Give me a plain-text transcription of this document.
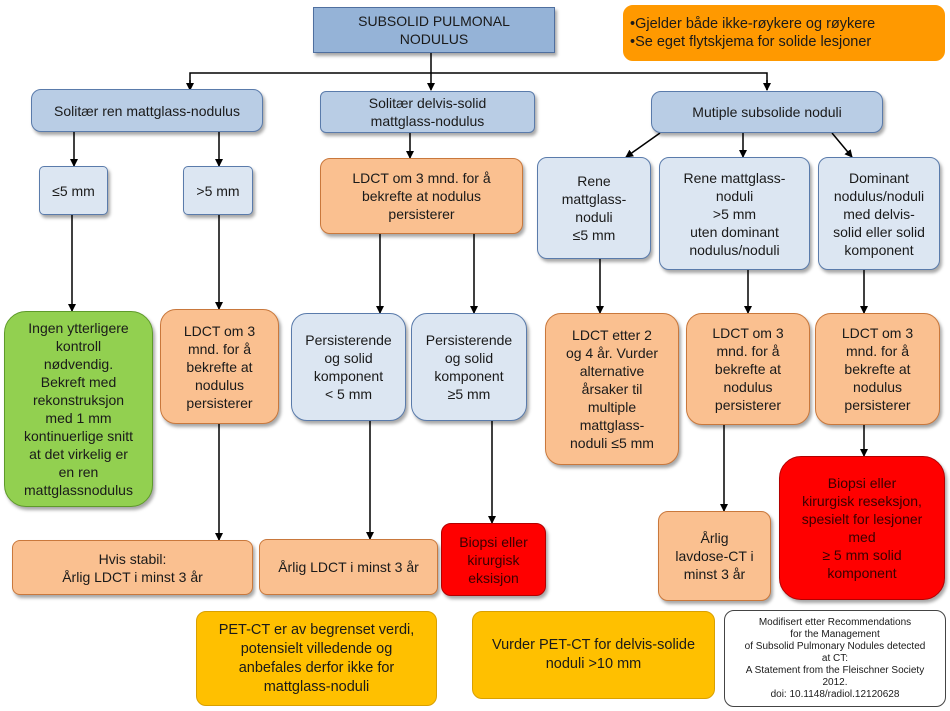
SUBSOLID PULMONAL
NODULUS
•Gjelder både ikke-røykere og røykere
•Se eget flytskjema for solide lesjoner
Solitær ren mattglass-nodulus	Solitær delvis-solid
mattglass-nodulus
Mutiple subsolide noduli
≤5 mm	>5 mm
Ingen ytterligere
kontroll
nødvendig.
Bekreft med
rekonstruksjon
med 1 mm
kontinuerlige snitt
at det virkelig er
en ren
mattglassnodulus
LDCT om 3
mnd. for å
bekrefte at
nodulus
persisterer
Hvis stabil:
Årlig LDCT i minst 3 år
LDCT om 3 mnd. for å
bekrefte at nodulus
persisterer
Persisterende
og solid
komponent
< 5 mm
Persisterende
og solid
komponent
≥5 mm
Årlig LDCT i minst 3 år
Biopsi eller
kirurgisk
eksisjon
Rene
mattglass-
noduli
≤5 mm
Rene mattglass-
noduli
>5 mm
uten dominant
nodulus/noduli
Dominant
nodulus/noduli
med delvis-
solid eller solid
komponent
LDCT etter 2
og 4 år. Vurder
alternative
årsaker til
multiple
mattglass-
noduli ≤5 mm
LDCT om 3
mnd. for å
bekrefte at
nodulus
persisterer
LDCT om 3
mnd. for å
bekrefte at
nodulus
persisterer
Årlig
lavdose-CT i
minst 3 år
Biopsi eller
kirurgisk reseksjon,
spesielt for lesjoner
med
≥ 5 mm solid
komponent
PET-CT er av begrenset verdi,
potensielt villedende og
anbefales derfor ikke for
mattglass-noduli
Vurder PET-CT for delvis-solide
noduli >10 mm
Modifisert etter Recommendations
for the Management
of Subsolid Pulmonary Nodules detected
at CT:
A Statement from the Fleischner Society
2012.
doi: 10.1148/radiol.12120628
